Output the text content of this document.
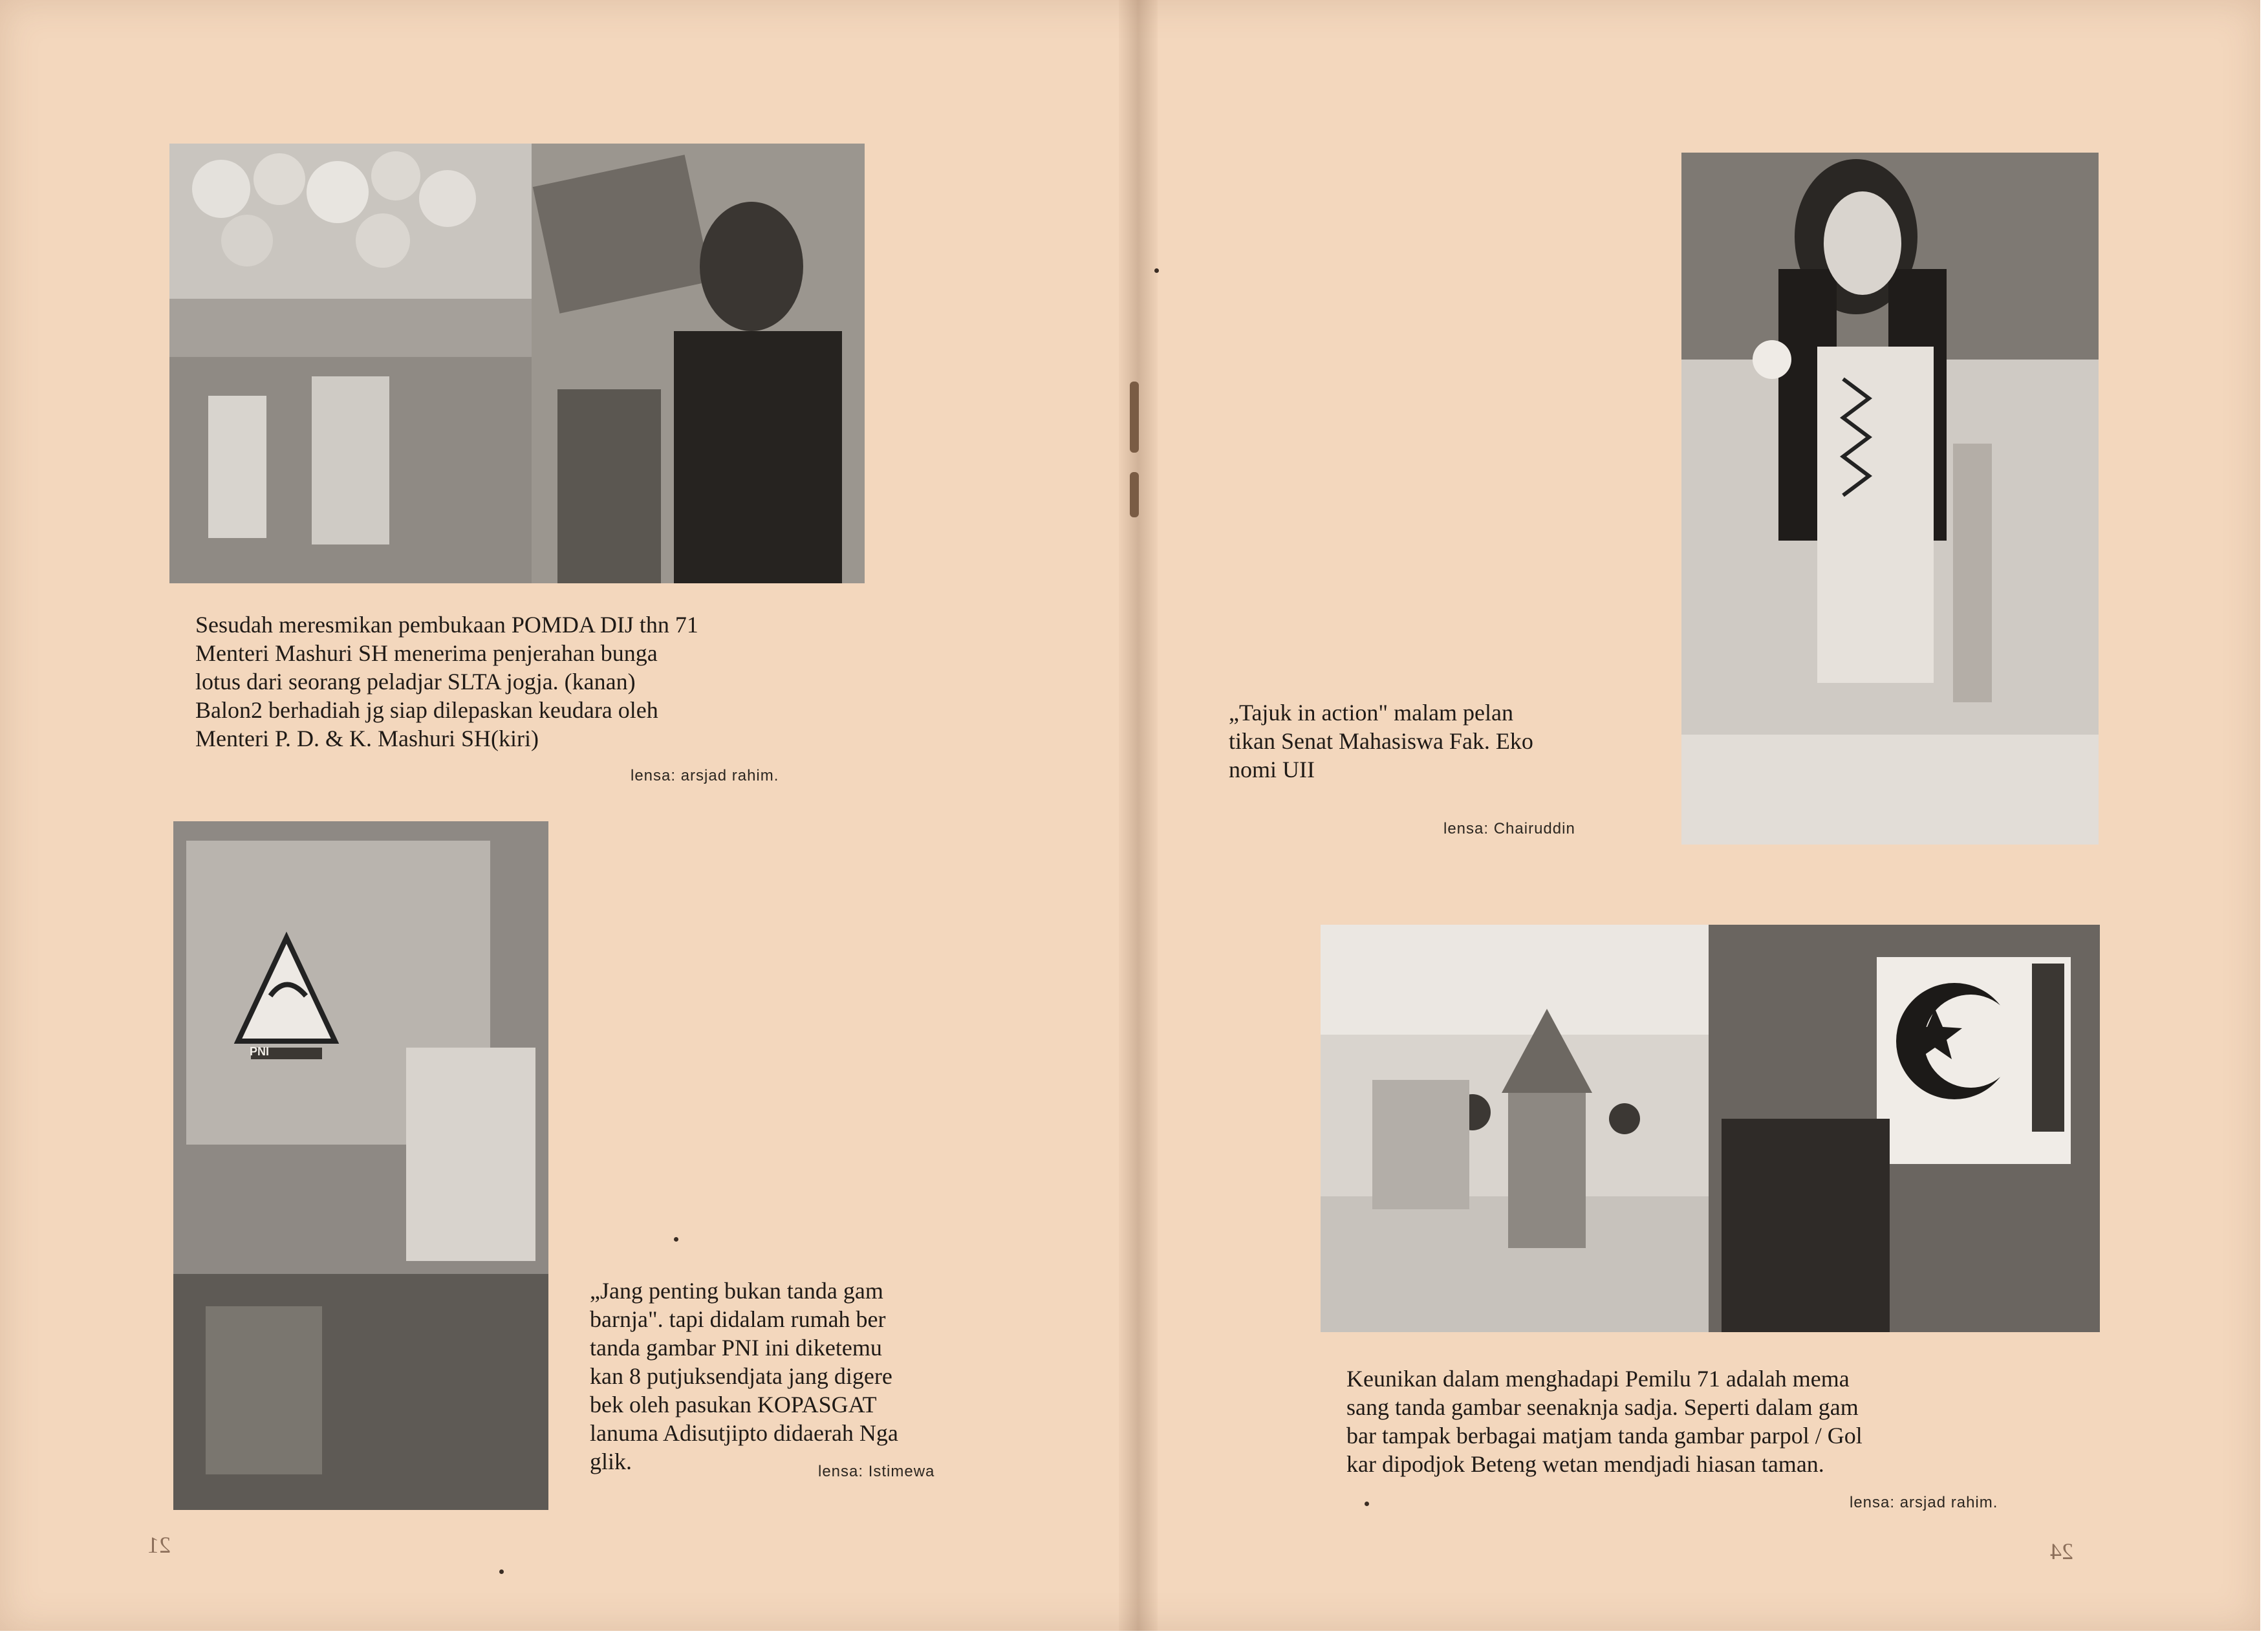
Sesudah meresmikan pembukaan POMDA DIJ thn 71
Menteri Mashuri SH menerima penjerahan bunga
lotus dari seorang peladjar SLTA jogja. (kanan)
Balon2 berhadiah jg siap dilepaskan keudara oleh
Menteri P. D. & K. Mashuri SH(kiri)
lensa: arsjad rahim.
PNI
„Jang penting bukan tanda gam
barnja". tapi didalam rumah ber
tanda gambar PNI ini diketemu
kan 8 putjuksendjata jang digere
bek oleh pasukan KOPASGAT
lanuma Adisutjipto didaerah Nga
glik.	lensa: Istimewa
21
„Tajuk in action" malam pelan
tikan Senat Mahasiswa Fak. Eko
nomi UII
lensa: Chairuddin
Keunikan dalam menghadapi Pemilu 71 adalah mema
sang tanda gambar seenaknja sadja. Seperti dalam gam
bar tampak berbagai matjam tanda gambar parpol / Gol
kar dipodjok Beteng wetan mendjadi hiasan taman.
lensa: arsjad rahim.
24
